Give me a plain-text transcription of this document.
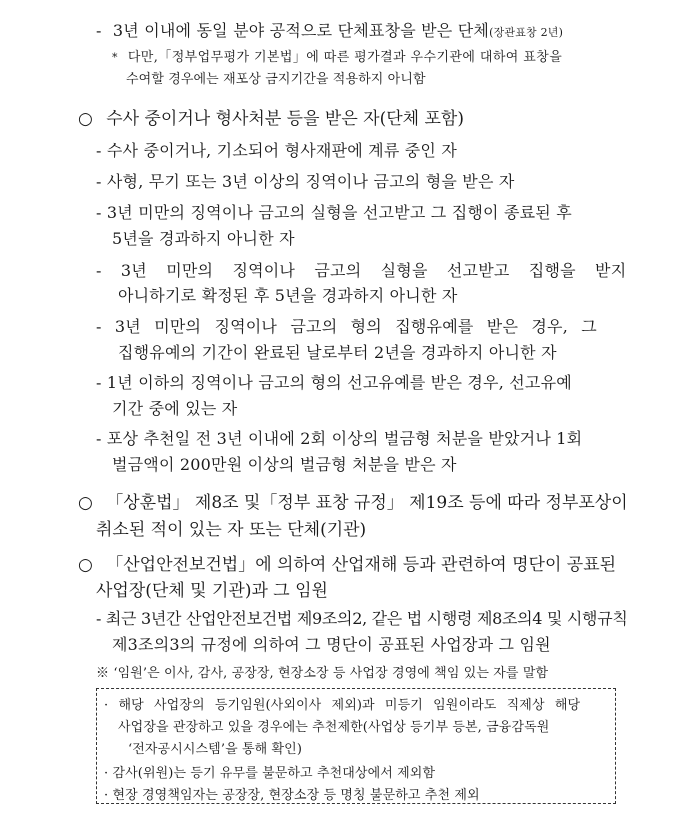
- 3년 이내에 동일 분야 공적으로 단체표창을 받은 단체(장관표창 2년)
* 다만,「정부업무평가 기본법」에 따른 평가결과 우수기관에 대하여 표창을
수여할 경우에는 재포상 금지기간을 적용하지 아니함
○ 수사 중이거나 형사처분 등을 받은 자(단체 포함)
- 수사 중이거나, 기소되어 형사재판에 계류 중인 자
- 사형, 무기 또는 3년 이상의 징역이나 금고의 형을 받은 자
- 3년 미만의 징역이나 금고의 실형을 선고받고 그 집행이 종료된 후
5년을 경과하지 아니한 자
- 3년 미만의 징역이나 금고의 실형을 선고받고 집행을 받지
아니하기로 확정된 후 5년을 경과하지 아니한 자
- 3년 미만의 징역이나 금고의 형의 집행유예를 받은 경우, 그
집행유예의 기간이 완료된 날로부터 2년을 경과하지 아니한 자
- 1년 이하의 징역이나 금고의 형의 선고유예를 받은 경우, 선고유예
기간 중에 있는 자
- 포상 추천일 전 3년 이내에 2회 이상의 벌금형 처분을 받았거나 1회
벌금액이 200만원 이상의 벌금형 처분을 받은 자
○ 「상훈법」 제8조 및「정부 표창 규정」 제19조 등에 따라 정부포상이
취소된 적이 있는 자 또는 단체(기관)
○ 「산업안전보건법」에 의하여 산업재해 등과 관련하여 명단이 공표된
사업장(단체 및 기관)과 그 임원
- 최근 3년간 산업안전보건법 제9조의2, 같은 법 시행령 제8조의4 및 시행규칙
제3조의3의 규정에 의하여 그 명단이 공표된 사업장과 그 임원
※ ‘임원’은 이사, 감사, 공장장, 현장소장 등 사업장 경영에 책임 있는 자를 말함
· 해당 사업장의 등기임원(사외이사 제외)과 미등기 임원이라도 직제상 해당
사업장을 관장하고 있을 경우에는 추천제한(사업상 등기부 등본, 금융감독원
‘전자공시시스템’을 통해 확인)
· 감사(위원)는 등기 유무를 불문하고 추천대상에서 제외함
· 현장 경영책임자는 공장장, 현장소장 등 명칭 불문하고 추천 제외
